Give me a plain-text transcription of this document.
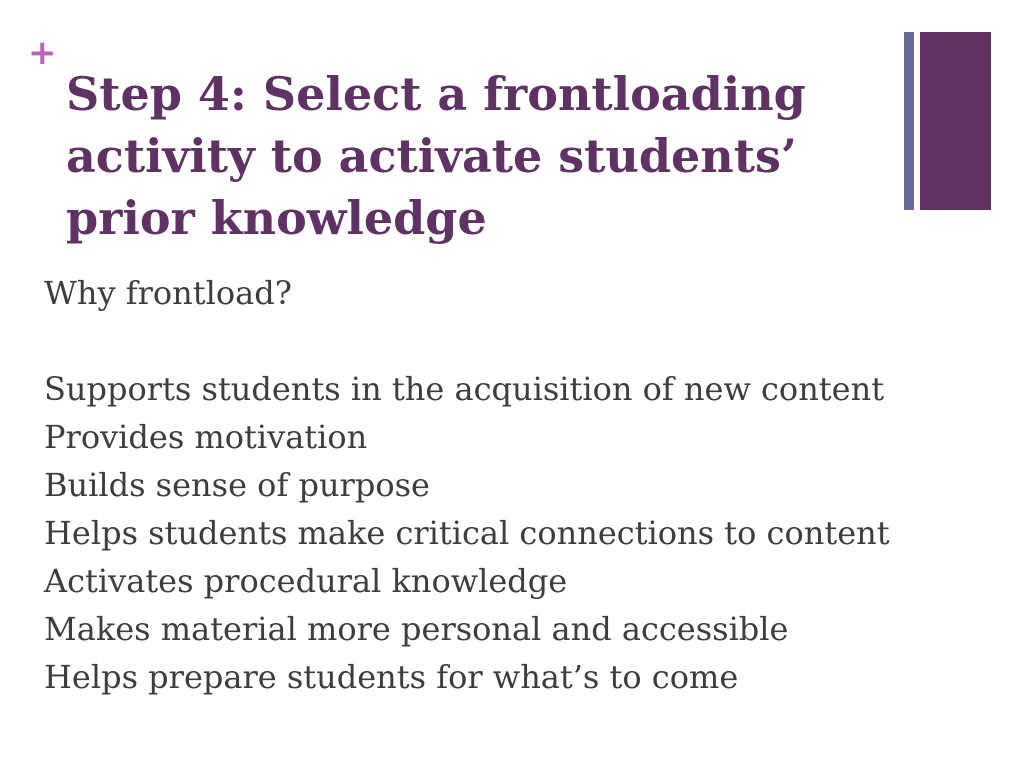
+
Step 4: Select a frontloading
activity to activate students’
prior knowledge
Why frontload?
Supports students in the acquisition of new content
Provides motivation
Builds sense of purpose
Helps students make critical connections to content
Activates procedural knowledge
Makes material more personal and accessible
Helps prepare students for what’s to come
